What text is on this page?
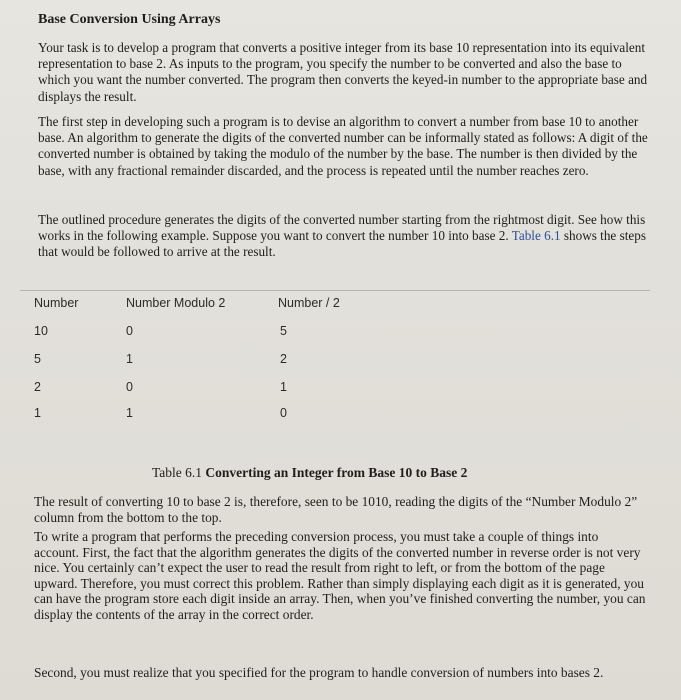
Base Conversion Using Arrays
Your task is to develop a program that converts a positive integer from its base 10 representation into its equivalent representation to base 2. As inputs to the program, you specify the number to be converted and also the base to which you want the number converted. The program then converts the keyed-in number to the appropriate base and displays the result.
The first step in developing such a program is to devise an algorithm to convert a number from base 10 to another base. An algorithm to generate the digits of the converted number can be informally stated as follows: A digit of the converted number is obtained by taking the modulo of the number by the base. The number is then divided by the base, with any fractional remainder discarded, and the process is repeated until the number reaches zero.
The outlined procedure generates the digits of the converted number starting from the rightmost digit. See how this works in the following example. Suppose you want to convert the number 10 into base 2. Table 6.1 shows the steps that would be followed to arrive at the result.
Number	Number Modulo 2	Number / 2
10	0	5
5	1	2
2	0	1
1	1	0
Table 6.1 Converting an Integer from Base 10 to Base 2
The result of converting 10 to base 2 is, therefore, seen to be 1010, reading the digits of the “Number Modulo 2” column from the bottom to the top.
To write a program that performs the preceding conversion process, you must take a couple of things into account. First, the fact that the algorithm generates the digits of the converted number in reverse order is not very nice. You certainly can’t expect the user to read the result from right to left, or from the bottom of the page upward. Therefore, you must correct this problem. Rather than simply displaying each digit as it is generated, you can have the program store each digit inside an array. Then, when you’ve finished converting the number, you can display the contents of the array in the correct order.
Second, you must realize that you specified for the program to handle conversion of numbers into bases 2.
